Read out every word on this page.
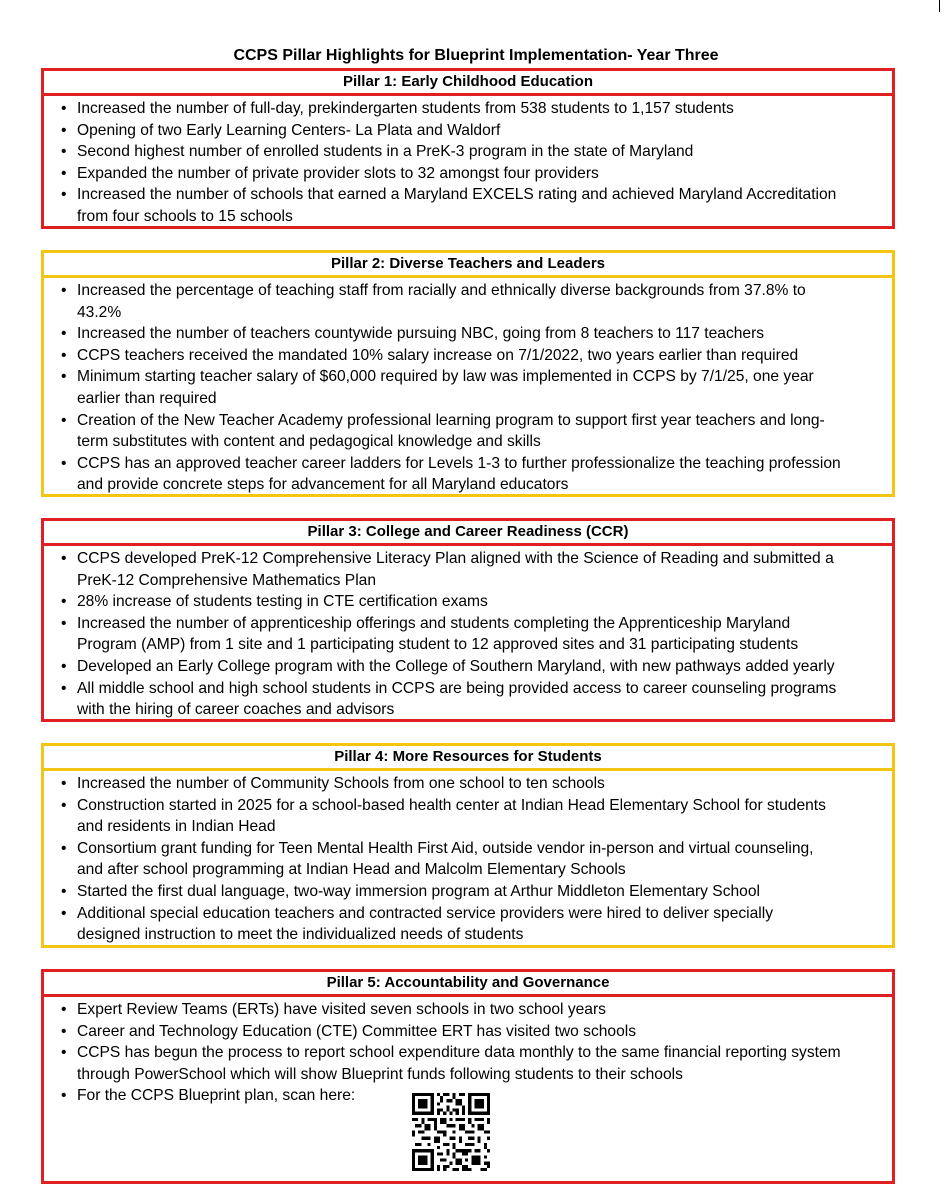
CCPS Pillar Highlights for Blueprint Implementation- Year Three
Pillar 1: Early Childhood Education
• Increased the number of full-day, prekindergarten students from 538 students to 1,157 students
• Opening of two Early Learning Centers- La Plata and Waldorf
• Second highest number of enrolled students in a PreK-3 program in the state of Maryland
• Expanded the number of private provider slots to 32 amongst four providers
• Increased the number of schools that earned a Maryland EXCELS rating and achieved Maryland Accreditation
from four schools to 15 schools
Pillar 2: Diverse Teachers and Leaders
• Increased the percentage of teaching staff from racially and ethnically diverse backgrounds from 37.8% to
43.2%
• Increased the number of teachers countywide pursuing NBC, going from 8 teachers to 117 teachers
• CCPS teachers received the mandated 10% salary increase on 7/1/2022, two years earlier than required
• Minimum starting teacher salary of $60,000 required by law was implemented in CCPS by 7/1/25, one year
earlier than required
• Creation of the New Teacher Academy professional learning program to support first year teachers and long-
term substitutes with content and pedagogical knowledge and skills
• CCPS has an approved teacher career ladders for Levels 1-3 to further professionalize the teaching profession
and provide concrete steps for advancement for all Maryland educators
Pillar 3: College and Career Readiness (CCR)
• CCPS developed PreK-12 Comprehensive Literacy Plan aligned with the Science of Reading and submitted a
PreK-12 Comprehensive Mathematics Plan
• 28% increase of students testing in CTE certification exams
• Increased the number of apprenticeship offerings and students completing the Apprenticeship Maryland
Program (AMP) from 1 site and 1 participating student to 12 approved sites and 31 participating students
• Developed an Early College program with the College of Southern Maryland, with new pathways added yearly
• All middle school and high school students in CCPS are being provided access to career counseling programs
with the hiring of career coaches and advisors
Pillar 4: More Resources for Students
• Increased the number of Community Schools from one school to ten schools
• Construction started in 2025 for a school-based health center at Indian Head Elementary School for students
and residents in Indian Head
• Consortium grant funding for Teen Mental Health First Aid, outside vendor in-person and virtual counseling,
and after school programming at Indian Head and Malcolm Elementary Schools
• Started the first dual language, two-way immersion program at Arthur Middleton Elementary School
• Additional special education teachers and contracted service providers were hired to deliver specially
designed instruction to meet the individualized needs of students
Pillar 5: Accountability and Governance
• Expert Review Teams (ERTs) have visited seven schools in two school years
• Career and Technology Education (CTE) Committee ERT has visited two schools
• CCPS has begun the process to report school expenditure data monthly to the same financial reporting system
through PowerSchool which will show Blueprint funds following students to their schools
• For the CCPS Blueprint plan, scan here:
